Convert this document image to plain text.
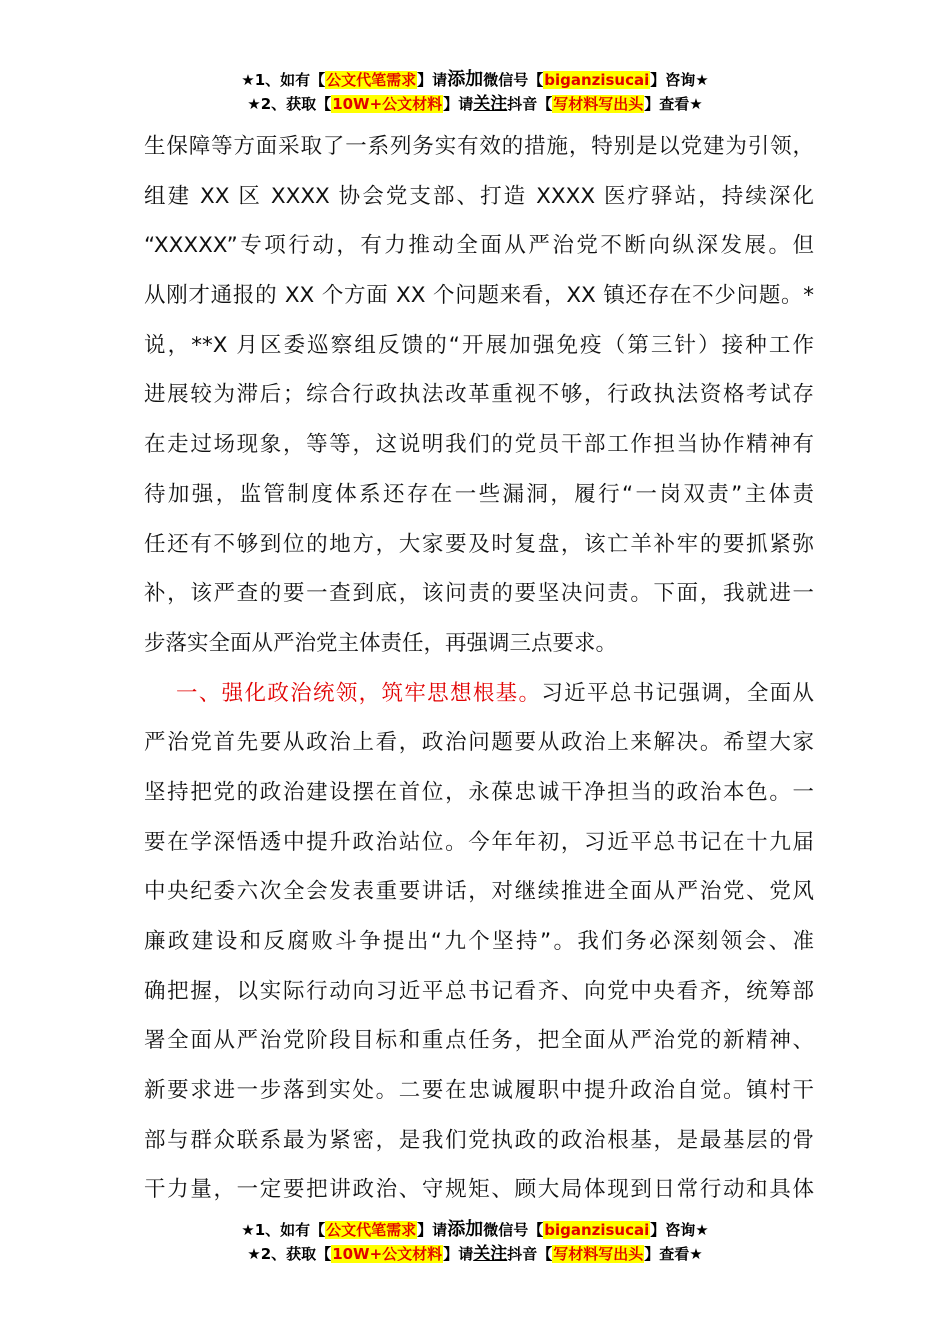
★1、如有【公文代笔需求】请添加微信号【biganzisucai】咨询★
★2、获取【10W+公文材料】请关注抖音【写材料写出头】查看★
生保障等方面采取了一系列务实有效的措施，特别是以党建为引领，
组建 XX 区 XXXX 协会党支部、打造 XXXX 医疗驿站，持续深化
“XXXXX”专项行动，有力推动全面从严治党不断向纵深发展。但
从刚才通报的 XX 个方面 XX 个问题来看，XX 镇还存在不少问题。*
说，**X 月区委巡察组反馈的“开展加强免疫（第三针）接种工作
进展较为滞后；综合行政执法改革重视不够，行政执法资格考试存
在走过场现象，等等，这说明我们的党员干部工作担当协作精神有
待加强，监管制度体系还存在一些漏洞，履行“一岗双责”主体责
任还有不够到位的地方，大家要及时复盘，该亡羊补牢的要抓紧弥
补，该严查的要一查到底，该问责的要坚决问责。下面，我就进一
步落实全面从严治党主体责任，再强调三点要求。
一、强化政治统领，筑牢思想根基。习近平总书记强调，全面从
严治党首先要从政治上看，政治问题要从政治上来解决。希望大家
坚持把党的政治建设摆在首位，永葆忠诚干净担当的政治本色。一
要在学深悟透中提升政治站位。今年年初，习近平总书记在十九届
中央纪委六次全会发表重要讲话，对继续推进全面从严治党、党风
廉政建设和反腐败斗争提出“九个坚持”。我们务必深刻领会、准
确把握，以实际行动向习近平总书记看齐、向党中央看齐，统筹部
署全面从严治党阶段目标和重点任务，把全面从严治党的新精神、
新要求进一步落到实处。二要在忠诚履职中提升政治自觉。镇村干
部与群众联系最为紧密，是我们党执政的政治根基，是最基层的骨
干力量，一定要把讲政治、守规矩、顾大局体现到日常行动和具体
★1、如有【公文代笔需求】请添加微信号【biganzisucai】咨询★
★2、获取【10W+公文材料】请关注抖音【写材料写出头】查看★
